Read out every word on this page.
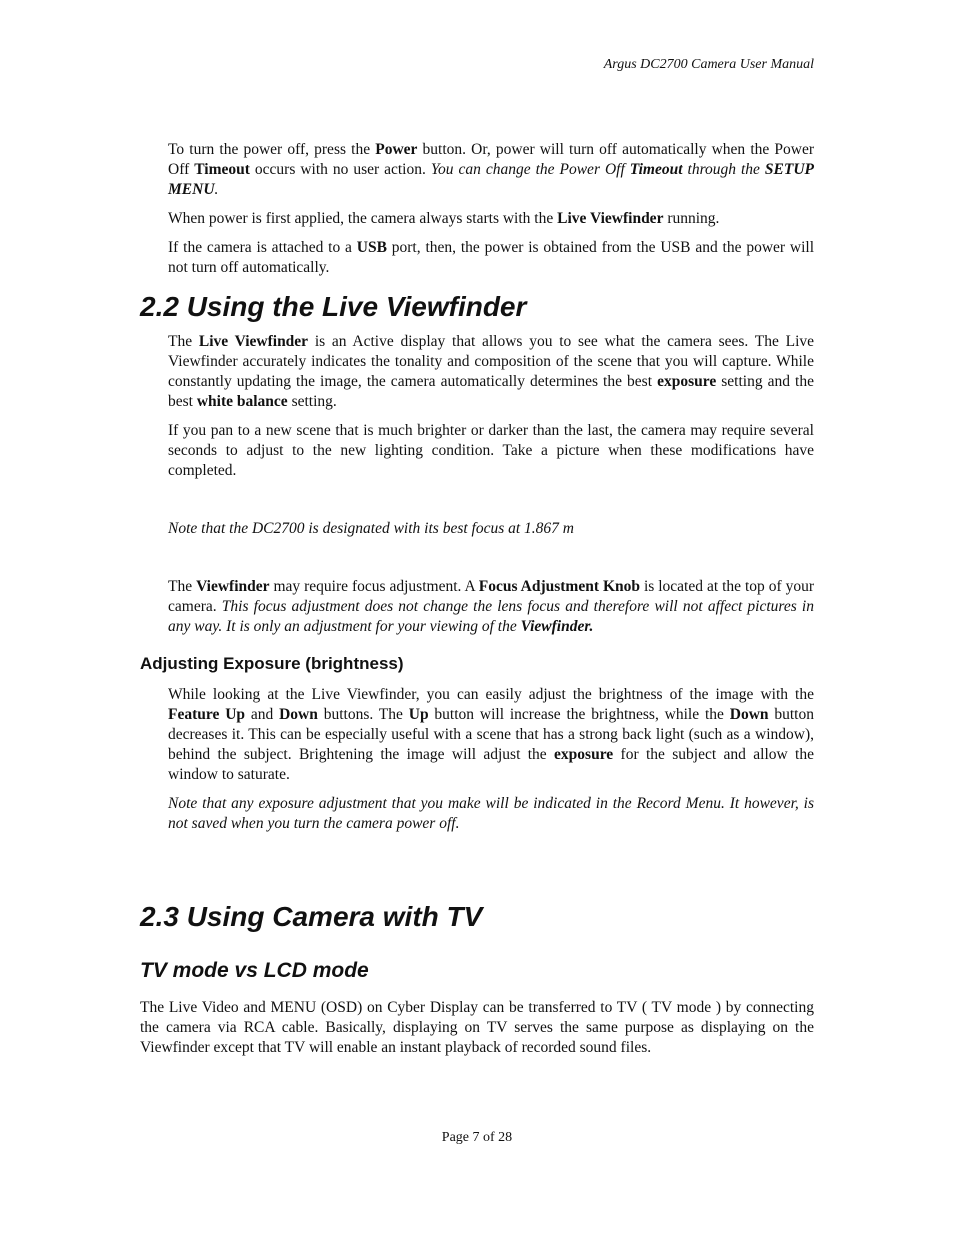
Argus DC2700 Camera User Manual

To turn the power off, press the Power button. Or, power will turn off automatically when the Power Off Timeout occurs with no user action. You can change the Power Off Timeout through the SETUP MENU.

When power is first applied, the camera always starts with the Live Viewfinder running.

If the camera is attached to a USB port, then, the power is obtained from the USB and the power will not turn off automatically.

2.2 Using the Live Viewfinder

The Live Viewfinder is an Active display that allows you to see what the camera sees. The Live Viewfinder accurately indicates the tonality and composition of the scene that you will capture. While constantly updating the image, the camera automatically determines the best exposure setting and the best white balance setting.

If you pan to a new scene that is much brighter or darker than the last, the camera may require several seconds to adjust to the new lighting condition. Take a picture when these modifications have completed.

Note that the DC2700 is designated with its best focus at 1.867 m

The Viewfinder may require focus adjustment. A Focus Adjustment Knob is located at the top of your camera. This focus adjustment does not change the lens focus and therefore will not affect pictures in any way. It is only an adjustment for your viewing of the Viewfinder.

Adjusting Exposure (brightness)

While looking at the Live Viewfinder, you can easily adjust the brightness of the image with the Feature Up and Down buttons. The Up button will increase the brightness, while the Down button decreases it. This can be especially useful with a scene that has a strong back light (such as a window), behind the subject. Brightening the image will adjust the exposure for the subject and allow the window to saturate.

Note that any exposure adjustment that you make will be indicated in the Record Menu. It however, is not saved when you turn the camera power off.

2.3 Using Camera with TV
TV mode vs LCD mode

The Live Video and MENU (OSD) on Cyber Display can be transferred to TV ( TV mode ) by connecting the camera via RCA cable. Basically, displaying on TV serves the same purpose as displaying on the Viewfinder except that TV will enable an instant playback of recorded sound files.

Page 7 of 28
